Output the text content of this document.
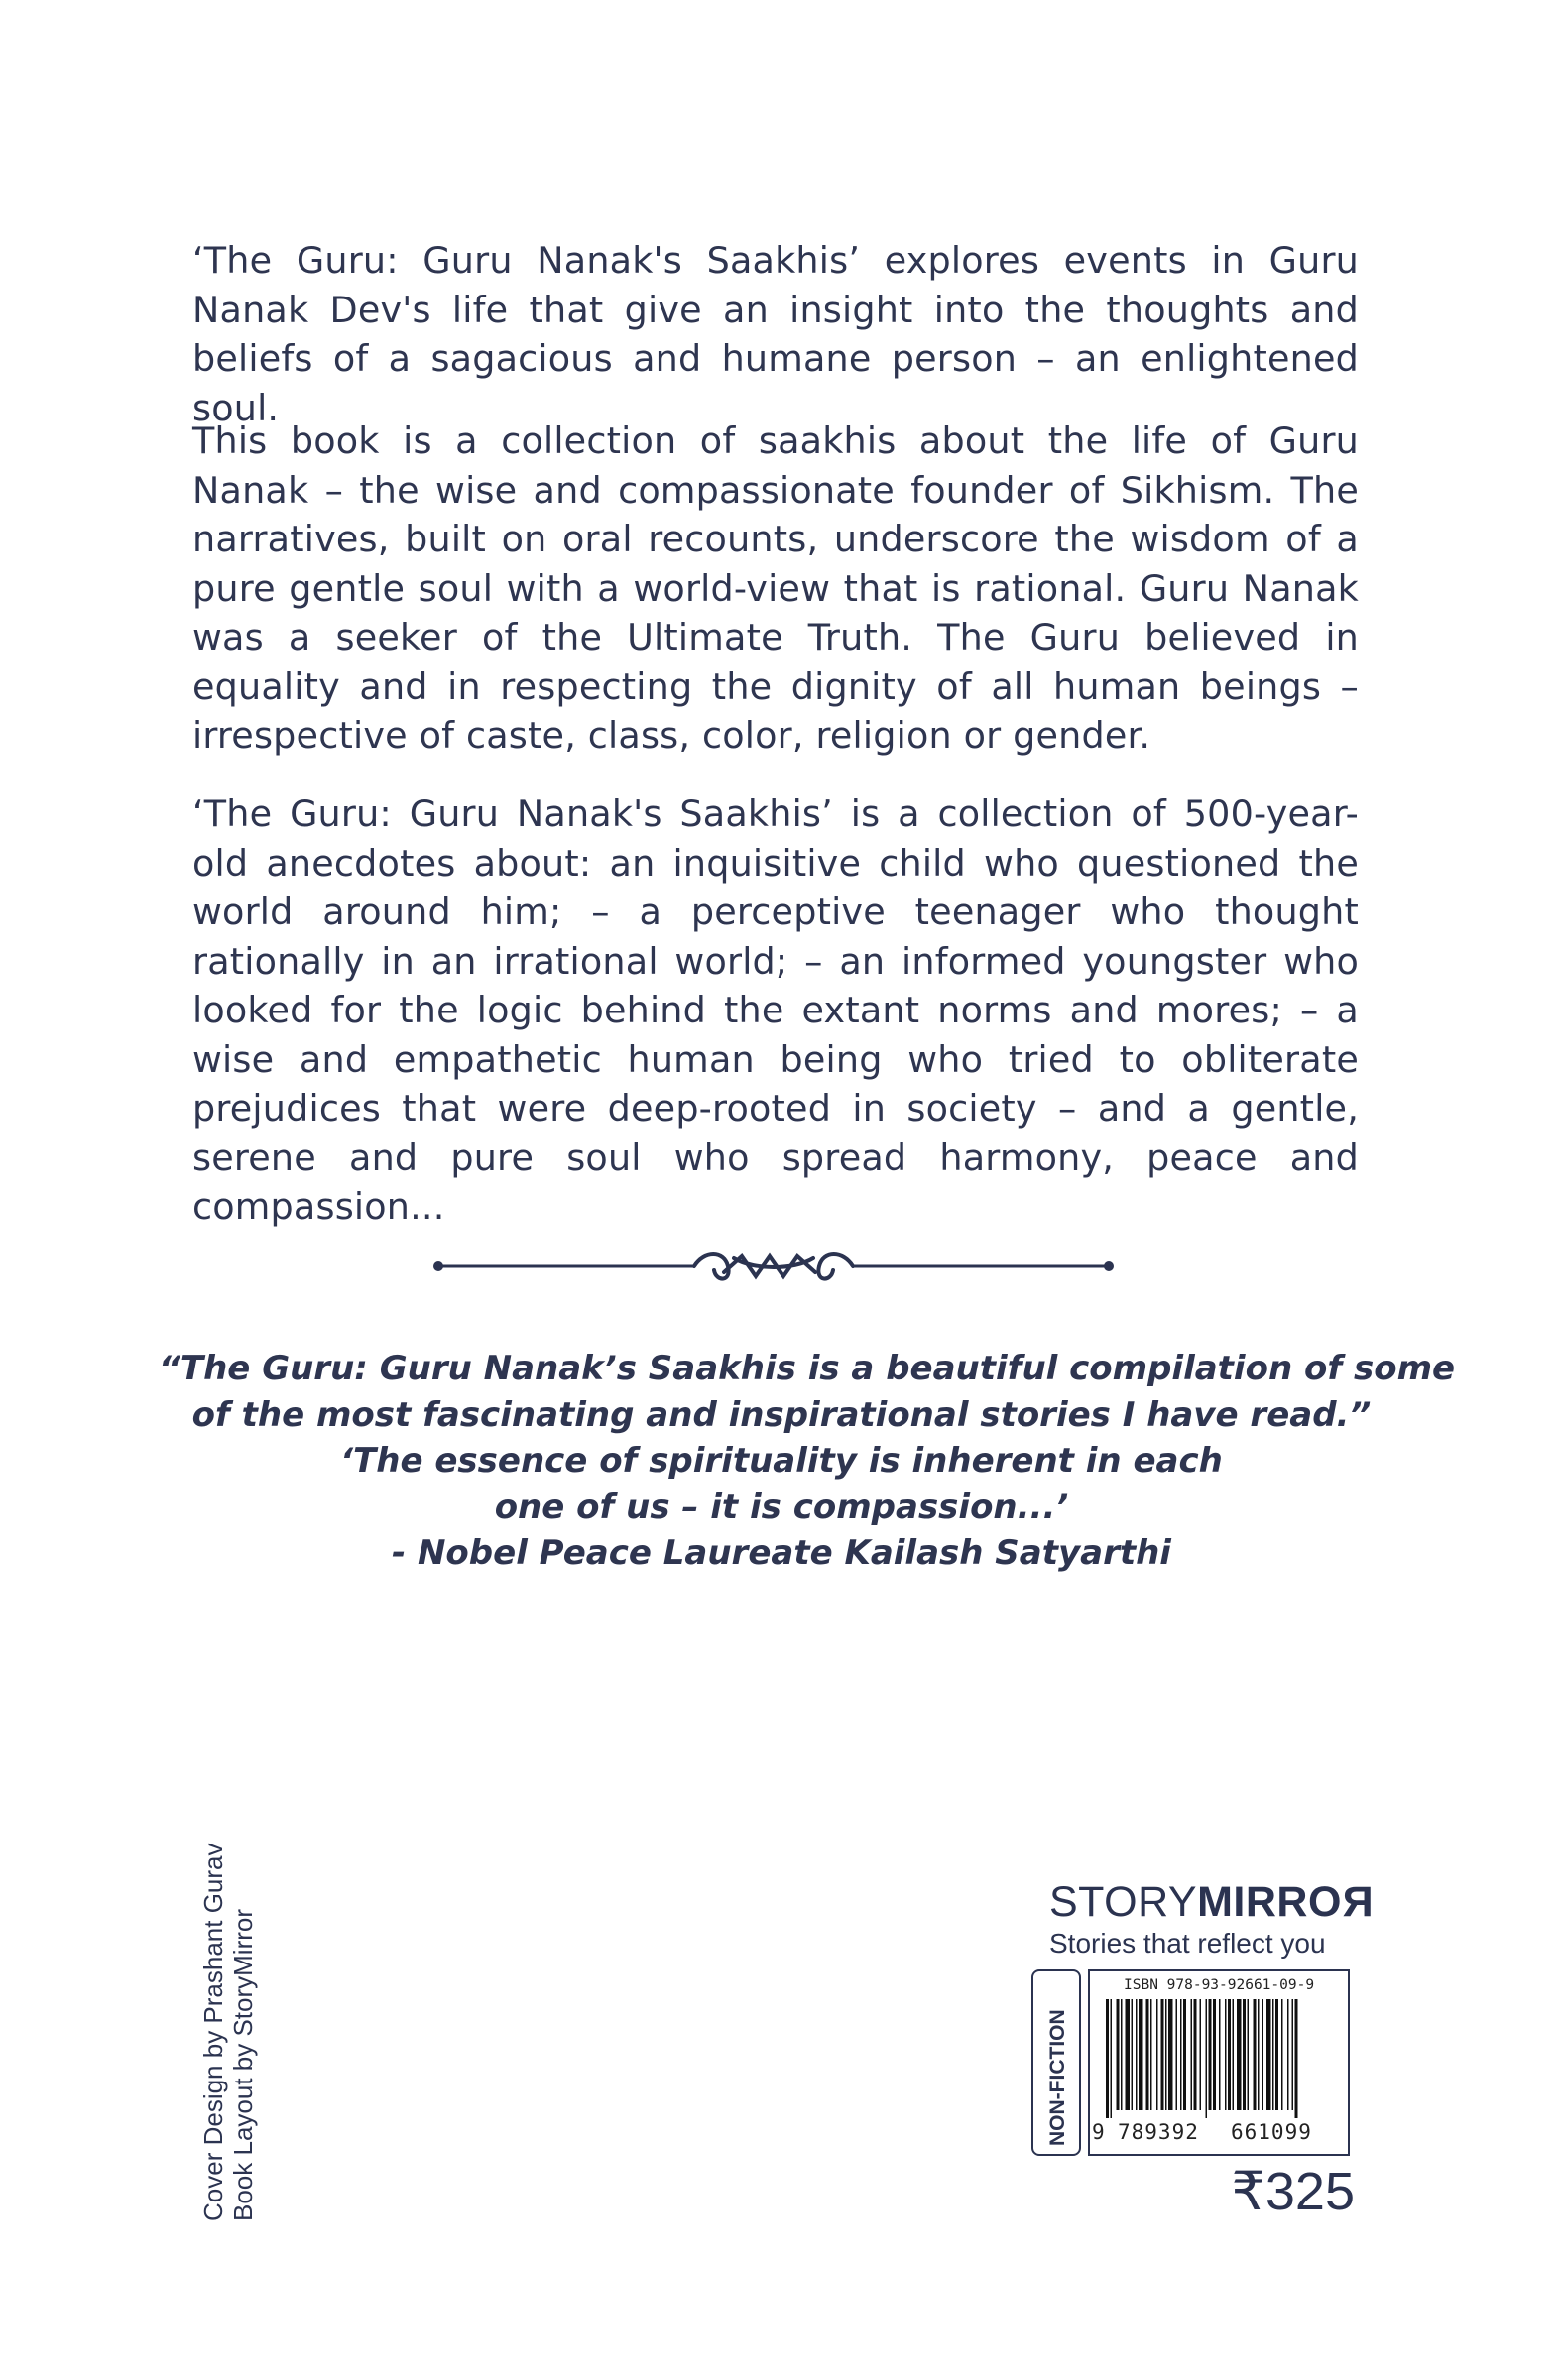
‘The Guru: Guru Nanak's Saakhis’ explores events in Guru Nanak Dev's life that give an insight into the thoughts and beliefs of a sagacious and humane person – an enlightened soul.

This book is a collection of saakhis about the life of Guru Nanak – the wise and compassionate founder of Sikhism. The narratives, built on oral recounts, underscore the wisdom of a pure gentle soul with a world-view that is rational. Guru Nanak was a seeker of the Ultimate Truth. The Guru believed in equality and in respecting the dignity of all human beings – irrespective of caste, class, color, religion or gender.

‘The Guru: Guru Nanak's Saakhis’ is a collection of 500-year-old anecdotes about: an inquisitive child who questioned the world around him; – a perceptive teenager who thought rationally in an irrational world; – an informed youngster who looked for the logic behind the extant norms and mores; – a wise and empathetic human being who tried to obliterate prejudices that were deep-rooted in society – and a gentle, serene and pure soul who spread harmony, peace and compassion...

“The Guru: Guru Nanak’s Saakhis is a beautiful compilation of some
of the most fascinating and inspirational stories I have read.”
‘The essence of spirituality is inherent in each
one of us – it is compassion...’
- Nobel Peace Laureate Kailash Satyarthi
Cover Design by Prashant Gurav Book Layout by StoryMirror
STORYMIRROR
Stories that reflect you
NON-FICTION
ISBN 978-93-92661-09-9
9 789392 661099
₹325
